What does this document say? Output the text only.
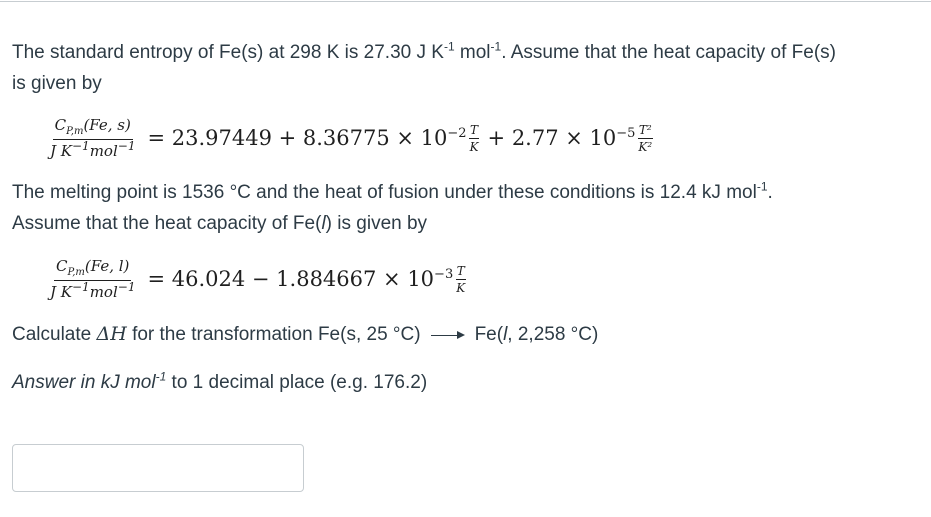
The standard entropy of Fe(s) at 298 K is 27.30 J $K^{-1}$ mol$^{-1}$. Assume that the heat capacity of Fe(s)
is given by
$\frac{C_{P,m}(Fe, s)}{J K^{-1}mol^{-1}} = 23.97449 + 8.36775 \times 10^{-2} \frac{T}{K} + 2.77 \times 10^{-5} \frac{\text{T²}}{\text{K²}}$
The melting point is 1536 °C and the heat of fusion under these conditions is 12.4 kJ mol$^{-1}$.
Assume that the heat capacity of Fe(l) is given by
$\frac{C_{P,m}(Fe, l)}{J K^{-1}mol^{-1}} = 46.024 - 1.884667 \times 10^{-3} \frac{T}{K}$
Calculate ΔH for the transformation Fe(s, 25 °C)	Fe(l, 2,258 °C)
Answer in kJ mol$^{-1}$ to 1 decimal place (e.g. 176.2)
